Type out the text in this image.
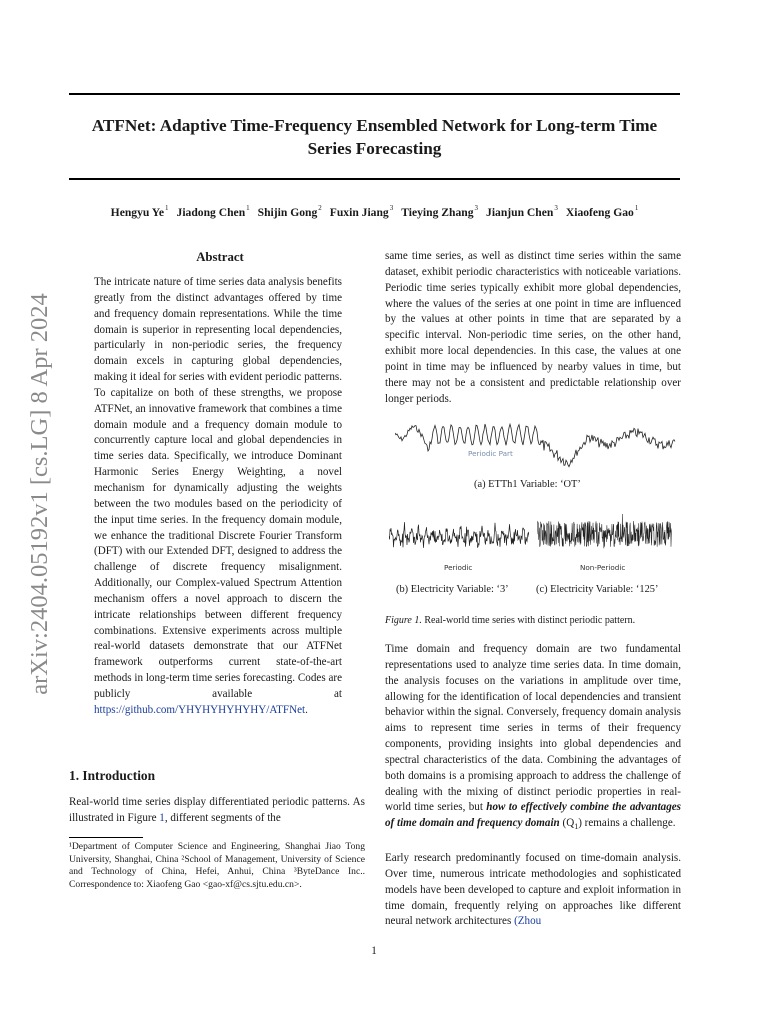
ATFNet: Adaptive Time-Frequency Ensembled Network for Long-term Time
Series Forecasting
Hengyu Ye$^1$ Jiadong Chen$^1$ Shijin Gong$^2$ Fuxin Jiang$^3$ Tieying Zhang$^3$ Jianjun Chen$^3$ Xiaofeng Gao$^1$
arXiv:2404.05192v1 [cs.LG] 8 Apr 2024
Abstract
The intricate nature of time series data analysis benefits greatly from the distinct advantages offered by time and frequency domain representations. While the time domain is superior in representing local dependencies, particularly in non-periodic series, the frequency domain excels in capturing global dependencies, making it ideal for series with evident periodic patterns. To capitalize on both of these strengths, we propose ATFNet, an innovative framework that combines a time domain module and a frequency domain module to concurrently capture local and global dependencies in time series data. Specifically, we introduce Dominant Harmonic Series Energy Weighting, a novel mechanism for dynamically adjusting the weights between the two modules based on the periodicity of the input time series. In the frequency domain module, we enhance the traditional Discrete Fourier Transform (DFT) with our Extended DFT, designed to address the challenge of discrete frequency misalignment. Additionally, our Complex-valued Spectrum Attention mechanism offers a novel approach to discern the intricate relationships between different frequency combinations. Extensive experiments across multiple real-world datasets demonstrate that our ATFNet framework outperforms current state-of-the-art methods in long-term time series forecasting. Codes are publicly available at https://github.com/YHYHYHYHYHY/ATFNet.
1. Introduction
Real-world time series display differentiated periodic patterns. As illustrated in Figure 1, different segments of the
¹Department of Computer Science and Engineering, Shanghai Jiao Tong University, Shanghai, China ²School of Management, University of Science and Technology of China, Hefei, Anhui, China ³ByteDance Inc.. Correspondence to: Xiaofeng Gao <gao-xf@cs.sjtu.edu.cn>.
same time series, as well as distinct time series within the same dataset, exhibit periodic characteristics with noticeable variations. Periodic time series typically exhibit more global dependencies, where the values of the series at one point in time are influenced by the values at other points in time that are separated by a specific interval. Non-periodic time series, on the other hand, exhibit more local dependencies. In this case, the values at one point in time may be influenced by nearby values in time, but there may not be a consistent and predictable relationship over longer periods.
Periodic Part
(a) ETTh1 Variable: ‘OT’
Periodic	Non-Periodic
(b) Electricity Variable: ‘3’	(c) Electricity Variable: ‘125’
Figure 1. Real-world time series with distinct periodic pattern.
Time domain and frequency domain are two fundamental representations used to analyze time series data. In time domain, the analysis focuses on the variations in amplitude over time, allowing for the identification of local dependencies and transient behavior within the signal. Conversely, frequency domain analysis aims to represent time series in terms of their frequency components, providing insights into global dependencies and spectral characteristics of the data. Combining the advantages of both domains is a promising approach to address the challenge of dealing with the mixing of distinct periodic properties in real-world time series, but how to effectively combine the advantages of time domain and frequency domain $(Q_1)$ remains a challenge.
Early research predominantly focused on time-domain analysis. Over time, numerous intricate methodologies and sophisticated models have been developed to capture and exploit information in time domain, frequently relying on approaches like different neural network architectures (Zhou
1
